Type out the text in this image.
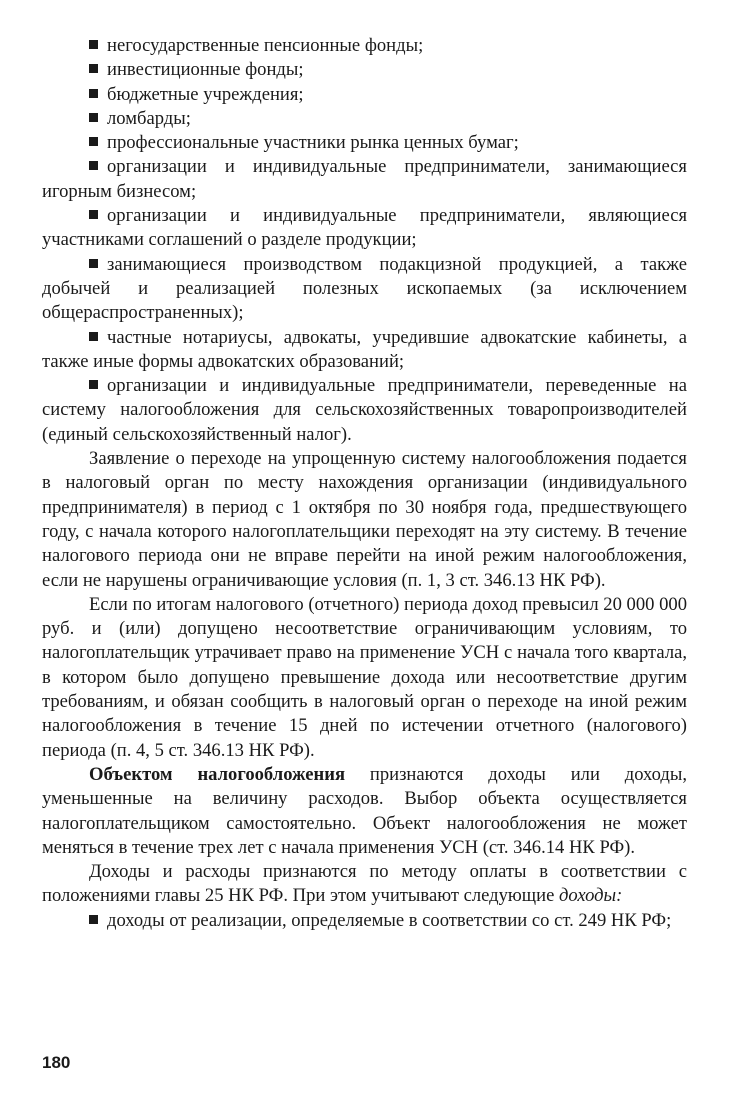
негосударственные пенсионные фонды;

инвестиционные фонды;

бюджетные учреждения;

ломбарды;

профессиональные участники рынка ценных бумаг;

организации и индивидуальные предприниматели, занимающиеся игорным бизнесом;

организации и индивидуальные предприниматели, являющиеся участниками соглашений о разделе продукции;

занимающиеся производством подакцизной продукцией, а также добычей и реализацией полезных ископаемых (за исключением общераспространенных);

частные нотариусы, адвокаты, учредившие адвокатские кабинеты, а также иные формы адвокатских образований;

организации и индивидуальные предприниматели, переведенные на систему налогообложения для сельскохозяйственных товаропроизводителей (единый сельскохозяйственный налог).

Заявление о переходе на упрощенную систему налогообложения подается в налоговый орган по месту нахождения организации (индивидуального предпринимателя) в период с 1 октября по 30 ноября года, предшествующего году, с начала которого налогоплательщики переходят на эту систему. В течение налогового периода они не вправе перейти на иной режим налогообложения, если не нарушены ограничивающие условия (п. 1, 3 ст. 346.13 НК РФ).

Если по итогам налогового (отчетного) периода доход превысил 20 000 000 руб. и (или) допущено несоответствие ограничивающим условиям, то налогоплательщик утрачивает право на применение УСН с начала того квартала, в котором было допущено превышение дохода или несоответствие другим требованиям, и обязан сообщить в налоговый орган о переходе на иной режим налогообложения в течение 15 дней по истечении отчетного (налогового) периода (п. 4, 5 ст. 346.13 НК РФ).

Объектом налогообложения признаются доходы или доходы, уменьшенные на величину расходов. Выбор объекта осуществляется налогоплательщиком самостоятельно. Объект налогообложения не может меняться в течение трех лет с начала применения УСН (ст. 346.14 НК РФ).

Доходы и расходы признаются по методу оплаты в соответствии с положениями главы 25 НК РФ. При этом учитывают следующие доходы:

доходы от реализации, определяемые в соответствии со ст. 249 НК РФ;

180
